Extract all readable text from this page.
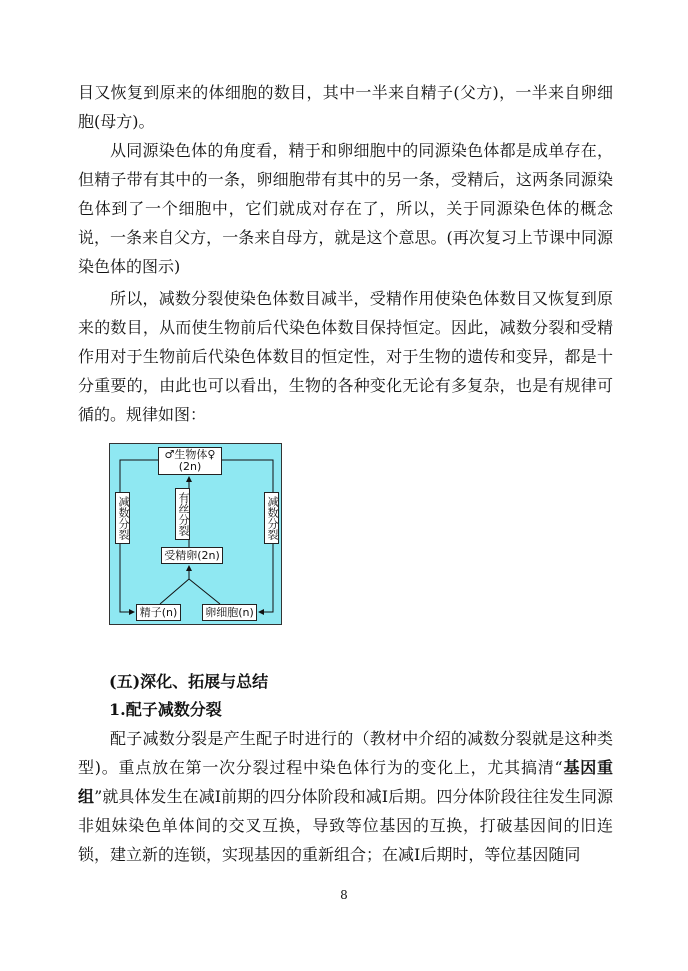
目又恢复到原来的体细胞的数目，其中一半来自精子(父方)，一半来自卵细胞(母方)。

从同源染色体的角度看，精于和卵细胞中的同源染色体都是成单存在，但精子带有其中的一条，卵细胞带有其中的另一条，受精后，这两条同源染色体到了一个细胞中，它们就成对存在了，所以，关于同源染色体的概念说，一条来自父方，一条来自母方，就是这个意思。(再次复习上节课中同源染色体的图示)

所以，减数分裂使染色体数目减半，受精作用使染色体数目又恢复到原来的数目，从而使生物前后代染色体数目保持恒定。因此，减数分裂和受精作用对于生物前后代染色体数目的恒定性，对于生物的遗传和变异，都是十分重要的，由此也可以看出，生物的各种变化无论有多复杂，也是有规律可循的。规律如图：

♂生物体♀
(2n)
减数分裂	减数分裂
有丝分裂
受精卵(2n)
精子(n)	卵细胞(n)
(五)深化、拓展与总结
1.配子减数分裂

配子减数分裂是产生配子时进行的（教材中介绍的减数分裂就是这种类型)。重点放在第一次分裂过程中染色体行为的变化上，尤其搞清“基因重组”就具体发生在减Ⅰ前期的四分体阶段和减Ⅰ后期。四分体阶段往往发生同源非姐妹染色单体间的交叉互换，导致等位基因的互换，打破基因间的旧连锁，建立新的连锁，实现基因的重新组合；在减Ⅰ后期时，等位基因随同

8
